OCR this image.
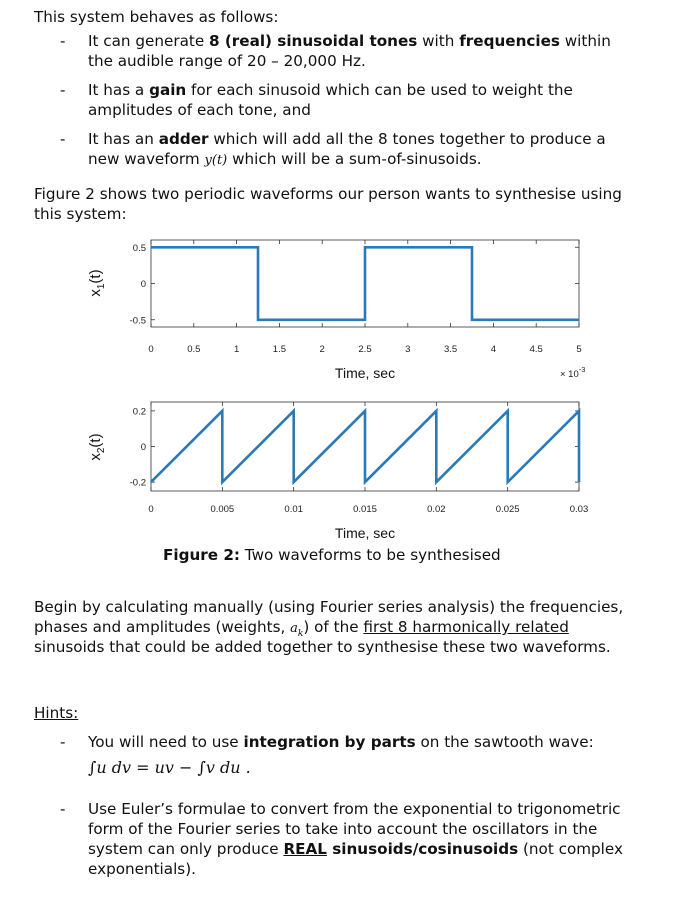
This system behaves as follows:
- It can generate 8 (real) sinusoidal tones with frequencies within
the audible range of 20 – 20,000 Hz.
- It has a gain for each sinusoid which can be used to weight the
amplitudes of each tone, and
- It has an adder which will add all the 8 tones together to produce a
new waveform y(t) which will be a sum-of-sinusoids.
Figure 2 shows two periodic waveforms our person wants to synthesise using
this system:
0	0.5	1	1.5	2	2.5	3	3.5	4	4.5	5
0.5
0
-0.5
$x_1(t)$
Time, sec	× $10^{-3}$
0	0.005	0.01	0.015	0.02	0.025	0.03
0.2
0
-0.2
$x_2(t)$
Time, sec
Figure 2: Two waveforms to be synthesised
Begin by calculating manually (using Fourier series analysis) the frequencies,
phases and amplitudes (weights, $a_k$) of the first 8 harmonically related
sinusoids that could be added together to synthesise these two waveforms.
Hints:
- You will need to use integration by parts on the sawtooth wave:
∫u dv = uv − ∫v du .
- Use Euler’s formulae to convert from the exponential to trigonometric
form of the Fourier series to take into account the oscillators in the
system can only produce REAL sinusoids/cosinusoids (not complex
exponentials).
